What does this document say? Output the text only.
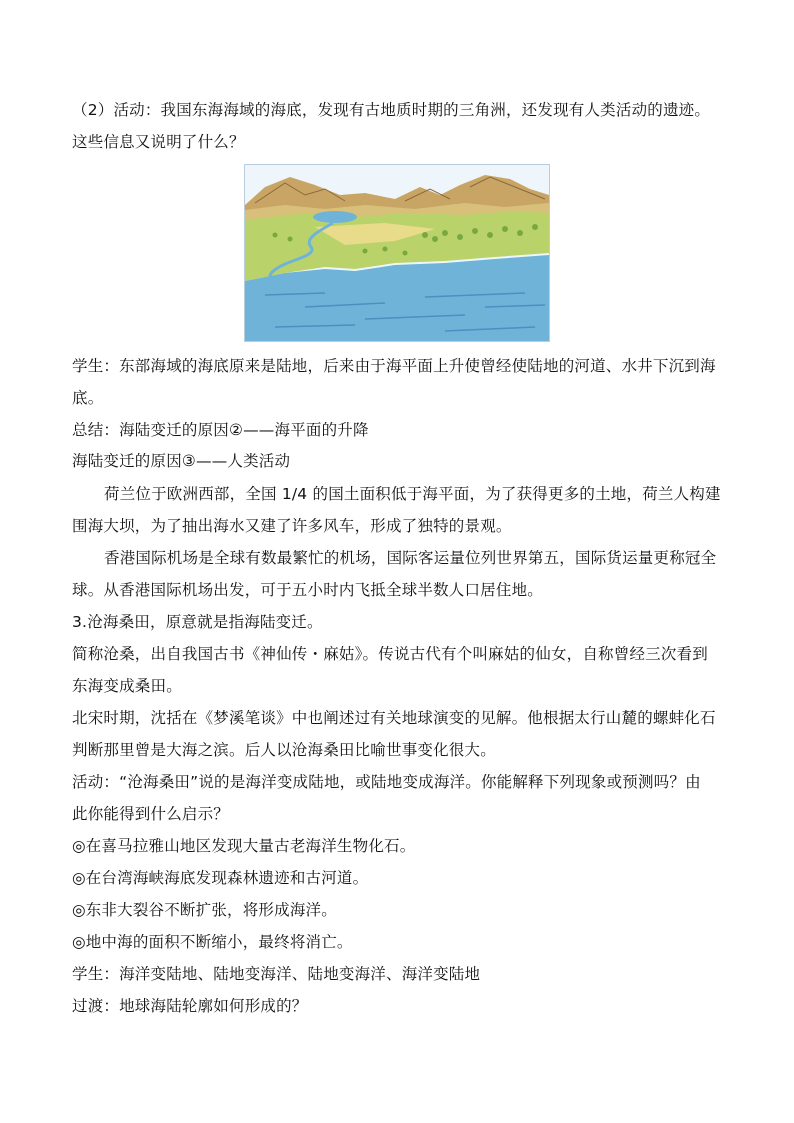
（2）活动：我国东海海域的海底，发现有古地质时期的三角洲，还发现有人类活动的遗迹。
这些信息又说明了什么？
学生：东部海域的海底原来是陆地，后来由于海平面上升使曾经使陆地的河道、水井下沉到海
底。
总结：海陆变迁的原因②——海平面的升降
海陆变迁的原因③——人类活动
荷兰位于欧洲西部，全国 1/4 的国土面积低于海平面，为了获得更多的土地，荷兰人构建
围海大坝，为了抽出海水又建了许多风车，形成了独特的景观。
香港国际机场是全球有数最繁忙的机场，国际客运量位列世界第五，国际货运量更称冠全
球。从香港国际机场出发，可于五小时内飞抵全球半数人口居住地。
3.沧海桑田，原意就是指海陆变迁。
简称沧桑，出自我国古书《神仙传・麻姑》。传说古代有个叫麻姑的仙女，自称曾经三次看到
东海变成桑田。
北宋时期，沈括在《梦溪笔谈》中也阐述过有关地球演变的见解。他根据太行山麓的螺蚌化石
判断那里曾是大海之滨。后人以沧海桑田比喻世事变化很大。
活动：“沧海桑田”说的是海洋变成陆地，或陆地变成海洋。你能解释下列现象或预测吗？由
此你能得到什么启示？
◎在喜马拉雅山地区发现大量古老海洋生物化石。
◎在台湾海峡海底发现森林遗迹和古河道。
◎东非大裂谷不断扩张，将形成海洋。
◎地中海的面积不断缩小，最终将消亡。
学生：海洋变陆地、陆地变海洋、陆地变海洋、海洋变陆地
过渡：地球海陆轮廓如何形成的？
